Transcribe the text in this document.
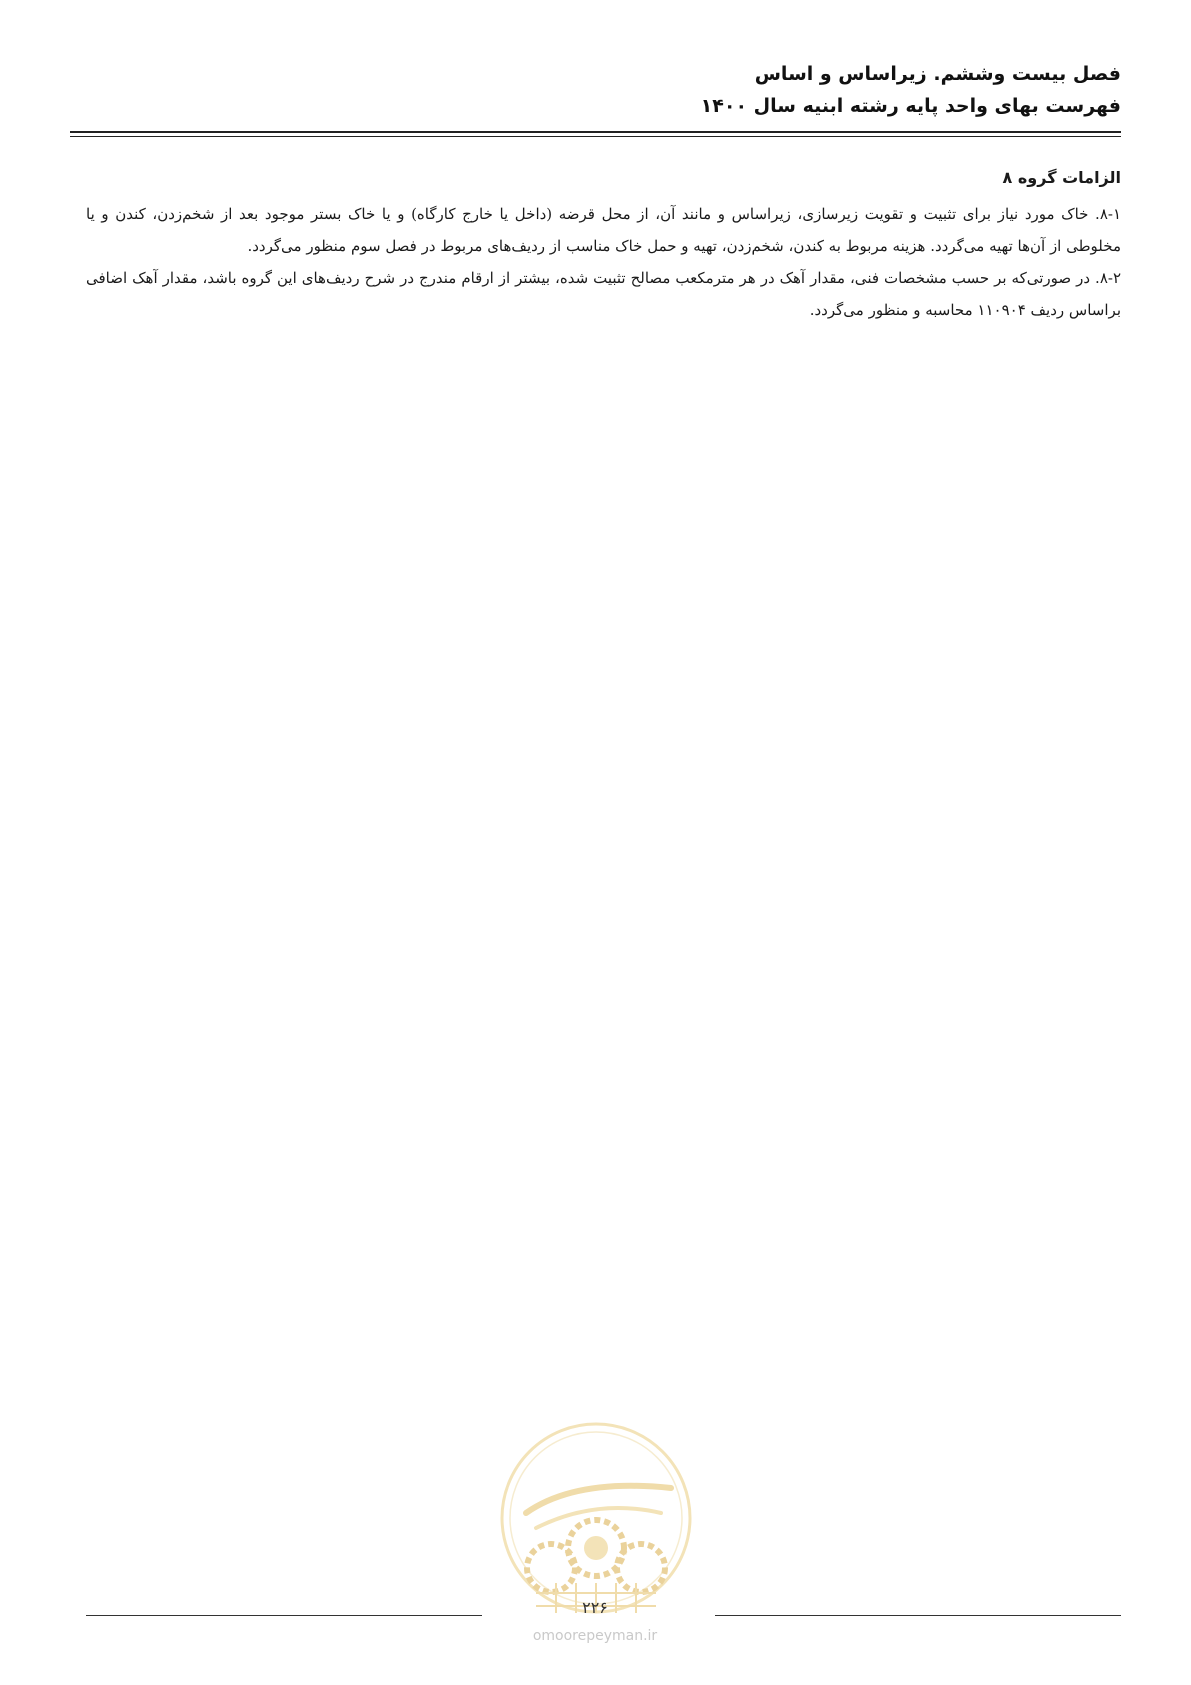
فصل بیست وششم. زیراساس و اساس
فهرست بهای واحد پایه رشته ابنیه سال ۱۴۰۰

الزامات گروه ۸

۸-۱. خاک مورد نیاز برای تثبیت و تقویت زیرسازی، زیراساس و مانند آن، از محل قرضه (داخل یا خارج کارگاه) و یا خاک بستر موجود بعد از شخم‌زدن، کندن و یا مخلوطی از آن‌ها تهیه می‌گردد. هزینه مربوط به کندن، شخم‌زدن، تهیه و حمل خاک مناسب از ردیف‌های مربوط در فصل سوم منظور می‌گردد.

۸-۲. در صورتی‌که بر حسب مشخصات فنی، مقدار آهک در هر مترمکعب مصالح تثبیت شده، بیشتر از ارقام مندرج در شرح ردیف‌های این گروه باشد، مقدار آهک اضافی براساس ردیف ۱۱۰۹۰۴ محاسبه و منظور می‌گردد.

۲۲۶
omoorepeyman.ir
